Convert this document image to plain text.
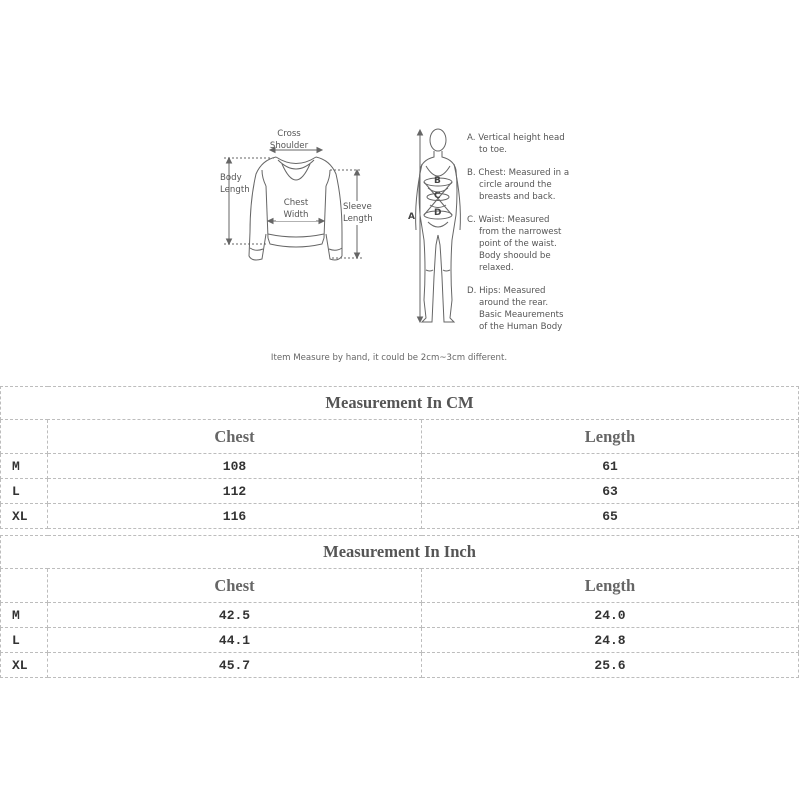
Cross
Shoulder
Body
Length
Chest
Width
Sleeve
Length	A
B
C
D
A. Vertical height head
to toe.
B. Chest: Measured in a
circle around the
breasts and back.
C. Waist: Measured
from the narrowest
point of the waist.
Body shoould be
relaxed.
D. Hips: Measured
around the rear.
Basic Meaurements
of the Human Body
Item Measure by hand, it could be 2cm~3cm different.
Measurement In CM		
	Chest	Length
M	108	61
L	112	63
XL	116	65
Measurement In Inch		
	Chest	Length
M	42.5	24.0
L	44.1	24.8
XL	45.7	25.6
